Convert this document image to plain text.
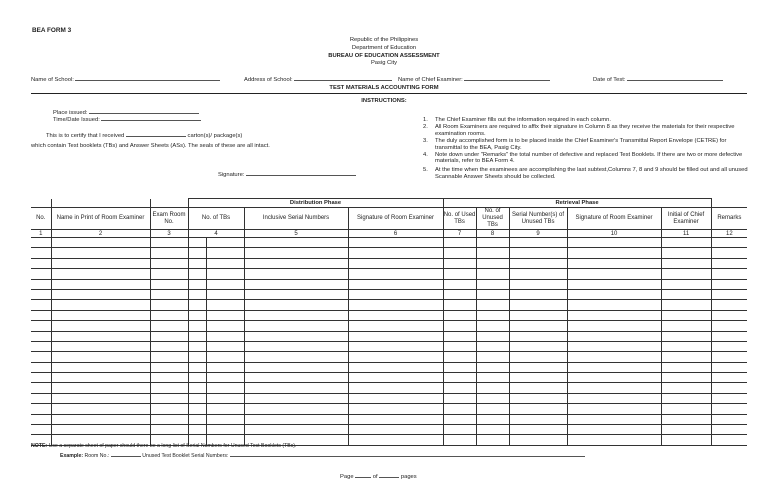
BEA FORM 3
Republic of the Philippines
Department of Education
BUREAU OF EDUCATION ASSESSMENT
Pasig City
Name of School:	Address of School:	Name of Chief Examiner:	Date of Test:
TEST MATERIALS ACCOUNTING FORM
INSTRUCTIONS:
Place issued:
Time/Date Issued:
This is to certify that I received	carton(s)/ package(s)
which contain Test booklets (TBs) and Answer Sheets (ASs). The seals of these are all intact.
Signature:
1.	The Chief Examiner fills out the information required in each column.
2.	All Room Examiners are required to affix their signature in Column 8 as they receive the materials for their respective examination rooms.
3.	The duly accomplished form is to be placed inside the Chief Examiner's Transmittal Report Envelope (CETRE) for transmittal to the BEA, Pasig City.
4.	Note down under "Remarks" the total number of defective and replaced Test Booklets. If there are two or more defective materials, refer to BEA Form 4.
5.	At the time when the examinees are accomplishing the last subtest,Columns 7, 8 and 9 should be filled out and all unused Scannable Answer Sheets should be collected.
			Distribution Phase				Retrieval Phase					
No.	Name in Print of Room Examiner	Exam Room No.	No. of TBs		Inclusive Serial Numbers	Signature of Room Examiner	No. of Used TBs	No. of Unused TBs	Serial Number(s) of Unused TBs	Signature of Room Examiner	Initial of Chief Examiner	Remarks
1	2	3	4		5	6	7	8	9	10	11	12

NOTE: Use a separate sheet of paper should there be a long list of Serial Numbers for Unused Test Booklets (TBs).
Example: Room No.:	Unused Test Booklet Serial Numbers:
Page	of	pages
